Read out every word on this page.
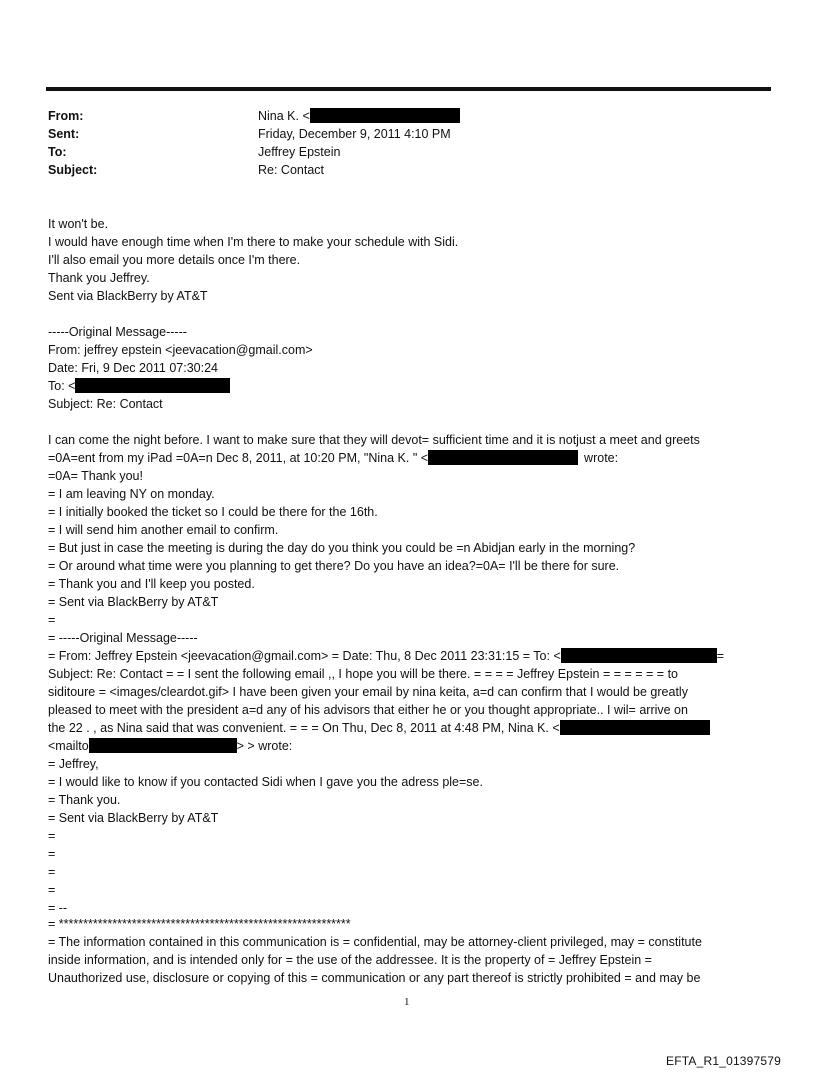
From:	Nina K. <
Sent:	Friday, December 9, 2011 4:10 PM
To:	Jeffrey Epstein
Subject:	Re: Contact
It won't be.
I would have enough time when I'm there to make your schedule with Sidi.
I'll also email you more details once I'm there.
Thank you Jeffrey.
Sent via BlackBerry by AT&T
-----Original Message-----
From: jeffrey epstein <jeevacation@gmail.com>
Date: Fri, 9 Dec 2011 07:30:24
To: <
Subject: Re: Contact
I can come the night before. I want to make sure that they will devot= sufficient time and it is notjust a meet and greets
=0A=ent from my iPad =0A=n Dec 8, 2011, at 10:20 PM, "Nina K. " <	wrote:
=0A= Thank you!
= I am leaving NY on monday.
= I initially booked the ticket so I could be there for the 16th.
= I will send him another email to confirm.
= But just in case the meeting is during the day do you think you could be =n Abidjan early in the morning?
= Or around what time were you planning to get there? Do you have an idea?=0A= I'll be there for sure.
= Thank you and I'll keep you posted.
= Sent via BlackBerry by AT&T
=
= -----Original Message-----
= From: Jeffrey Epstein <jeevacation@gmail.com> = Date: Thu, 8 Dec 2011 23:31:15 = To: <	=
Subject: Re: Contact = = I sent the following email ,, I hope you will be there. = = = = Jeffrey Epstein = = = = = = to
siditoure = <images/cleardot.gif> I have been given your email by nina keita, a=d can confirm that I would be greatly
pleased to meet with the president a=d any of his advisors that either he or you thought appropriate.. I wil= arrive on
the 22 . , as Nina said that was convenient. = = = On Thu, Dec 8, 2011 at 4:48 PM, Nina K. <
<mailto	> > wrote:
= Jeffrey,
= I would like to know if you contacted Sidi when I gave you the adress ple=se.
= Thank you.
= Sent via BlackBerry by AT&T
=
=
=
=
= --
= ************************************************************
= The information contained in this communication is = confidential, may be attorney-client privileged, may = constitute
inside information, and is intended only for = the use of the addressee. It is the property of = Jeffrey Epstein =
Unauthorized use, disclosure or copying of this = communication or any part thereof is strictly prohibited = and may be
1
EFTA_R1_01397579
